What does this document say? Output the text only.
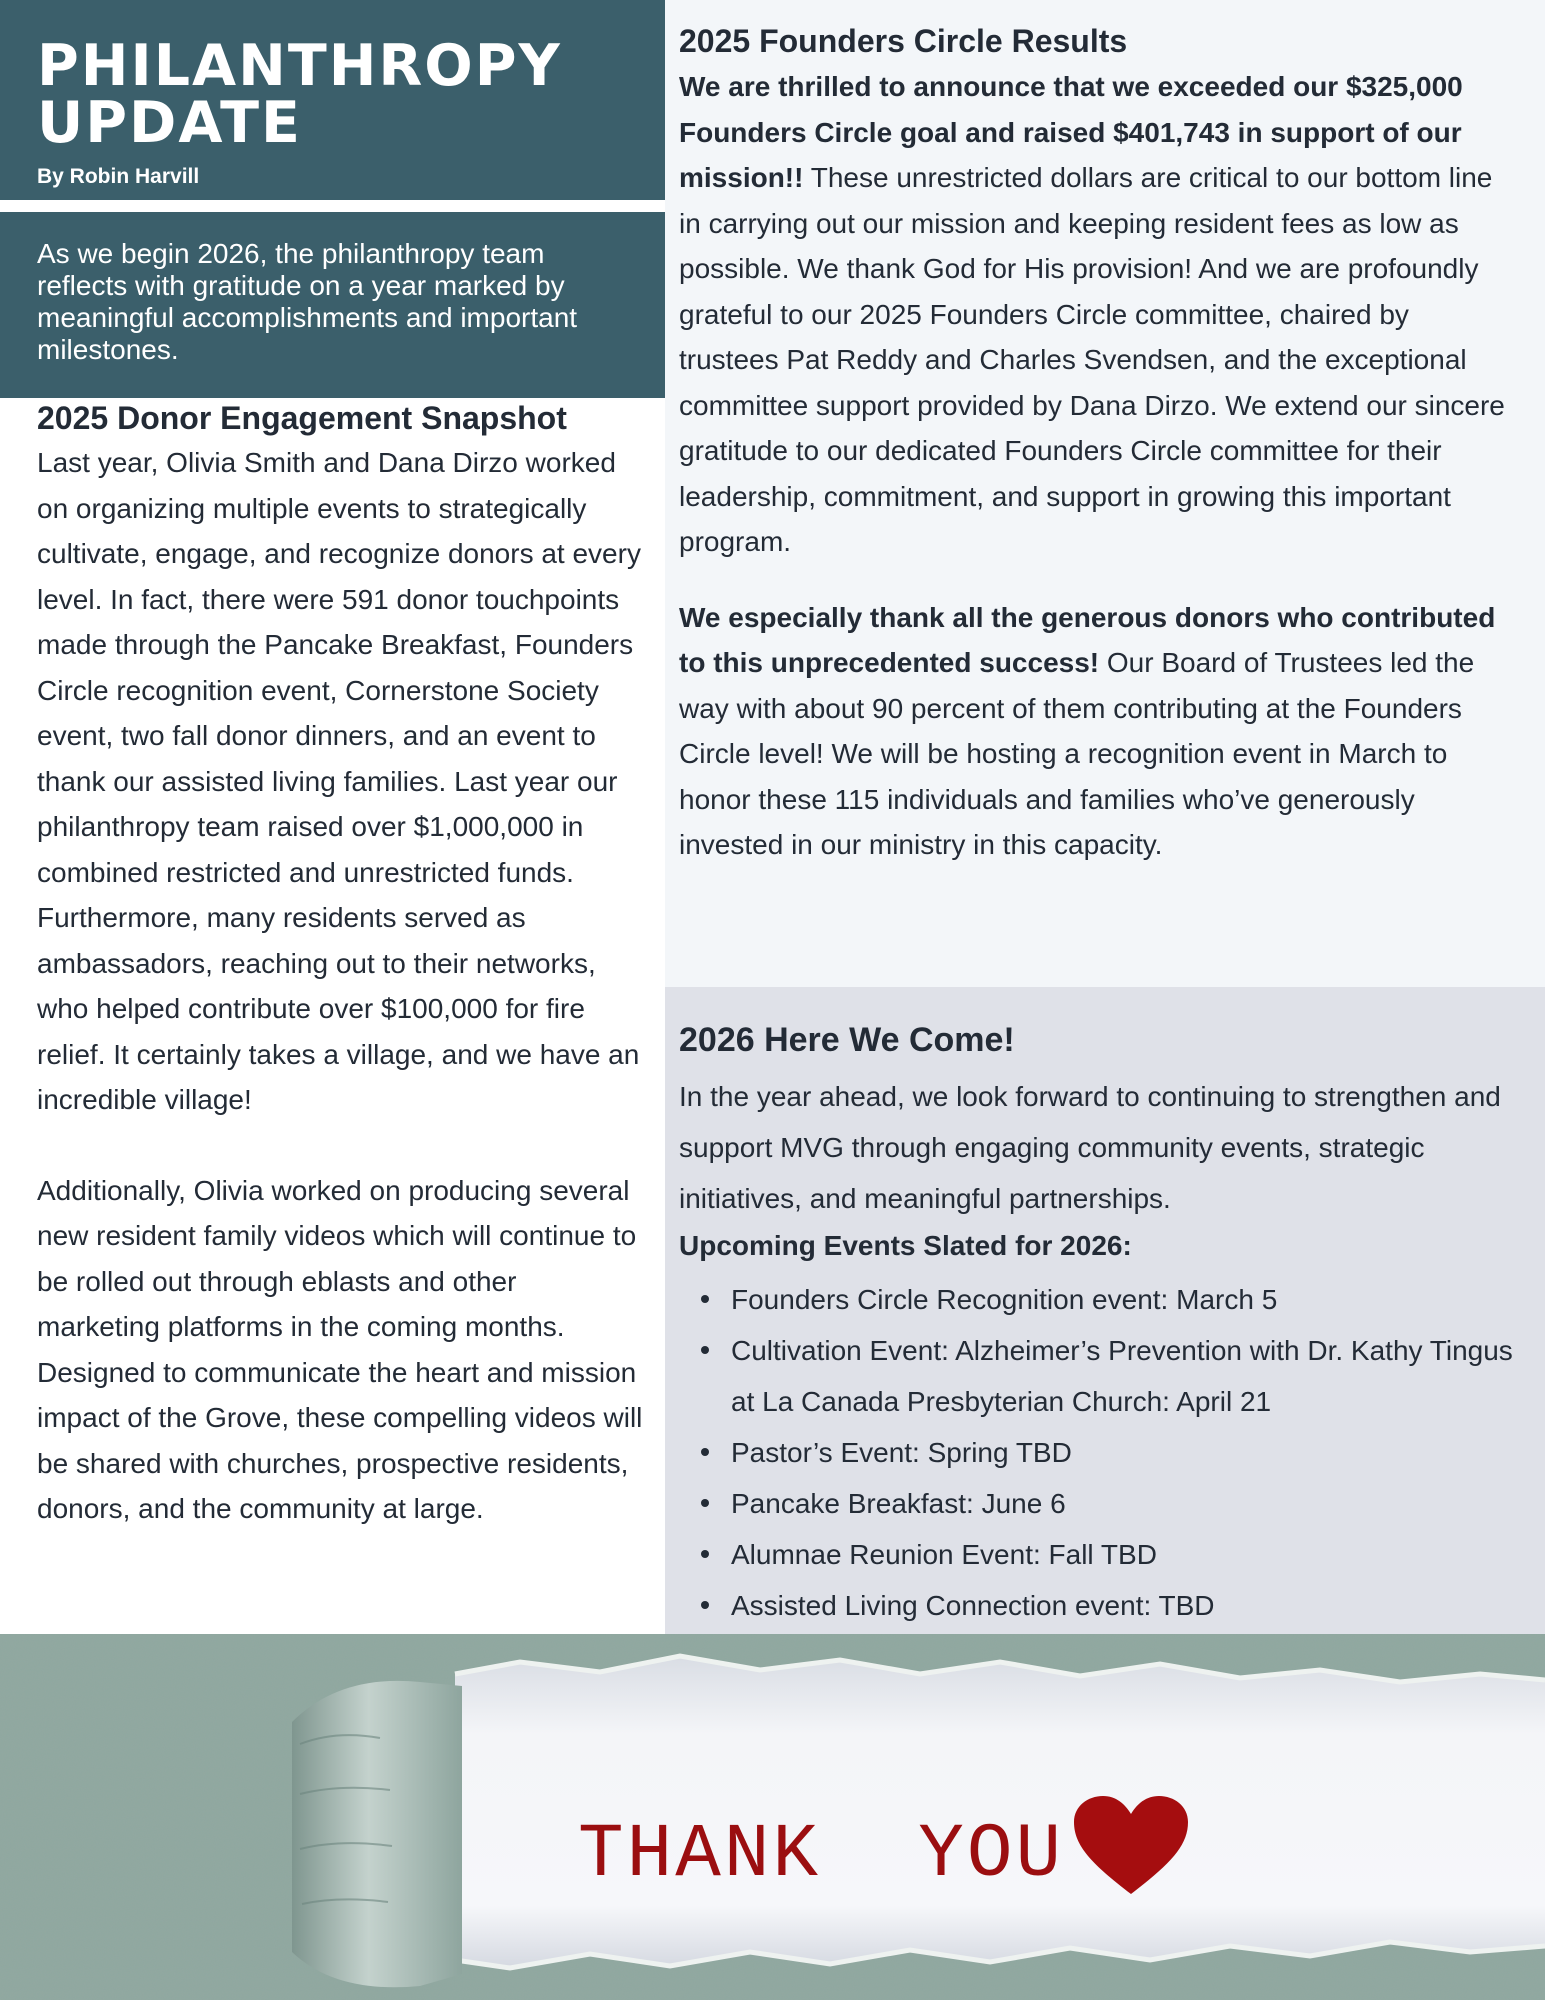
PHILANTHROPY UPDATE
By Robin Harvill

As we begin 2026, the philanthropy team reflects with gratitude on a year marked by meaningful accomplishments and important milestones.

2025 Donor Engagement Snapshot

Last year, Olivia Smith and Dana Dirzo worked on organizing multiple events to strategically cultivate, engage, and recognize donors at every level. In fact, there were 591 donor touchpoints made through the Pancake Breakfast, Founders Circle recognition event, Cornerstone Society event, two fall donor dinners, and an event to thank our assisted living families. Last year our philanthropy team raised over $1,000,000 in combined restricted and unrestricted funds. Furthermore, many residents served as ambassadors, reaching out to their networks, who helped contribute over $100,000 for fire relief. It certainly takes a village, and we have an incredible village!

Additionally, Olivia worked on producing several new resident family videos which will continue to be rolled out through eblasts and other marketing platforms in the coming months. Designed to communicate the heart and mission impact of the Grove, these compelling videos will be shared with churches, prospective residents, donors, and the community at large.

2025 Founders Circle Results

We are thrilled to announce that we exceeded our $325,000 Founders Circle goal and raised $401,743 in support of our mission!! These unrestricted dollars are critical to our bottom line in carrying out our mission and keeping resident fees as low as possible. We thank God for His provision! And we are profoundly grateful to our 2025 Founders Circle committee, chaired by trustees Pat Reddy and Charles Svendsen, and the exceptional committee support provided by Dana Dirzo. We extend our sincere gratitude to our dedicated Founders Circle committee for their leadership, commitment, and support in growing this important program.

We especially thank all the generous donors who contributed to this unprecedented success! Our Board of Trustees led the way with about 90 percent of them contributing at the Founders Circle level! We will be hosting a recognition event in March to honor these 115 individuals and families who’ve generously invested in our ministry in this capacity.

2026 Here We Come!

In the year ahead, we look forward to continuing to strengthen and support MVG through engaging community events, strategic initiatives, and meaningful partnerships.

Upcoming Events Slated for 2026:
Founders Circle Recognition event: March 5
Cultivation Event: Alzheimer’s Prevention with Dr. Kathy Tingus at La Canada Presbyterian Church: April 21
Pastor’s Event: Spring TBD
Pancake Breakfast: June 6
Alumnae Reunion Event: Fall TBD
Assisted Living Connection event: TBD
THANK  YOU
